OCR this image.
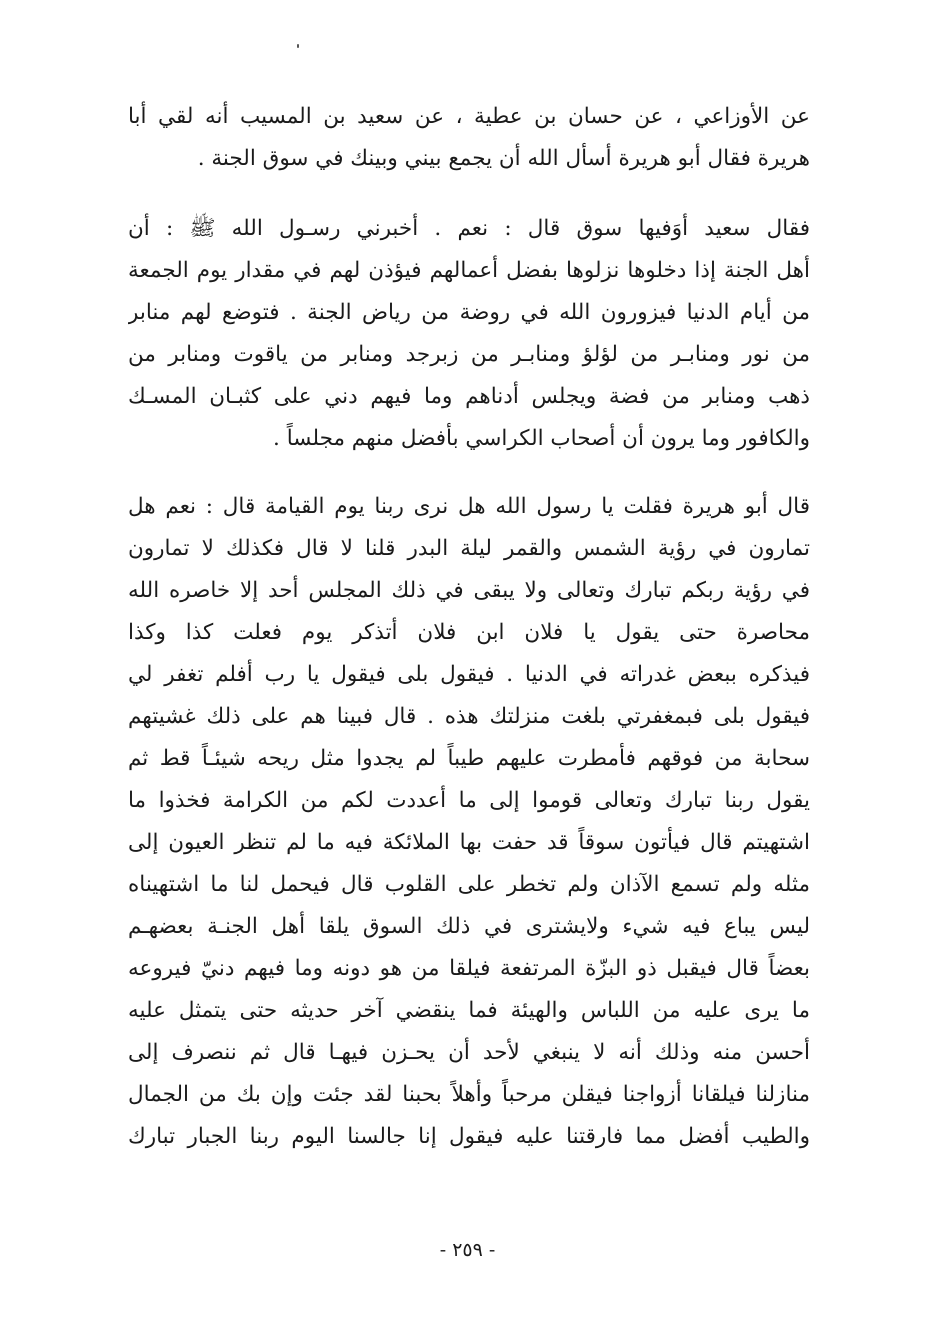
عن الأوزاعي ، عن حسان بن عطية ، عن سعيد بن المسيب أنه لقي أبا
هريرة فقال أبو هريرة أسأل الله أن يجمع بيني وبينك في سوق الجنة .
فقال سعيد أوَفيها سوق قال : نعم . أخبرني رسـول الله ﷺ : أن
أهل الجنة إذا دخلوها نزلوها بفضل أعمالهم فيؤذن لهم في مقدار يوم الجمعة
من أيام الدنيا فيزورون الله في روضة من رياض الجنة . فتوضع لهم منابر
من نور ومنابـر من لؤلؤ ومنابـر من زبرجد ومنابر من ياقوت ومنابر من
ذهب ومنابر من فضة ويجلس أدناهم وما فيهم دني على كثبـان المسـك
والكافور وما يرون أن أصحاب الكراسي بأفضل منهم مجلساً .
قال أبو هريرة فقلت يا رسول الله هل نرى ربنا يوم القيامة قال : نعم هل
تمارون في رؤية الشمس والقمر ليلة البدر قلنا لا قال فكذلك لا تمارون
في رؤية ربكم تبارك وتعالى ولا يبقى في ذلك المجلس أحد إلا خاصره الله
محاصرة حتى يقول يا فلان ابن فلان أتذكر يوم فعلت كذا وكذا
فيذكره ببعض غدراته في الدنيا . فيقول بلى فيقول يا رب أفلم تغفر لي
فيقول بلى فبمغفرتي بلغت منزلتك هذه . قال فبينا هم على ذلك غشيتهم
سحابة من فوقهم فأمطرت عليهم طيباً لم يجدوا مثل ريحه شيئـاً قط ثم
يقول ربنا تبارك وتعالى قوموا إلى ما أعددت لكم من الكرامة فخذوا ما
اشتهيتم قال فيأتون سوقاً قد حفت بها الملائكة فيه ما لم تنظر العيون إلى
مثله ولم تسمع الآذان ولم تخطر على القلوب قال فيحمل لنا ما اشتهيناه
ليس يباع فيه شيء ولايشترى في ذلك السوق يلقا أهل الجنـة بعضهـم
بعضاً قال فيقبل ذو البزّة المرتفعة فيلقا من هو دونه وما فيهم دنيّ فيروعه
ما يرى عليه من اللباس والهيئة فما ينقضي آخر حديثه حتى يتمثل عليه
أحسن منه وذلك أنه لا ينبغي لأحد أن يحـزن فيهـا قال ثم ننصرف إلى
منازلنا فيلقانا أزواجنا فيقلن مرحباً وأهلاً بحبنا لقد جئت وإن بك من الجمال
والطيب أفضل مما فارقتنا عليه فيقول إنا جالسنا اليوم ربنا الجبار تبارك
- ٢٥٩ -
